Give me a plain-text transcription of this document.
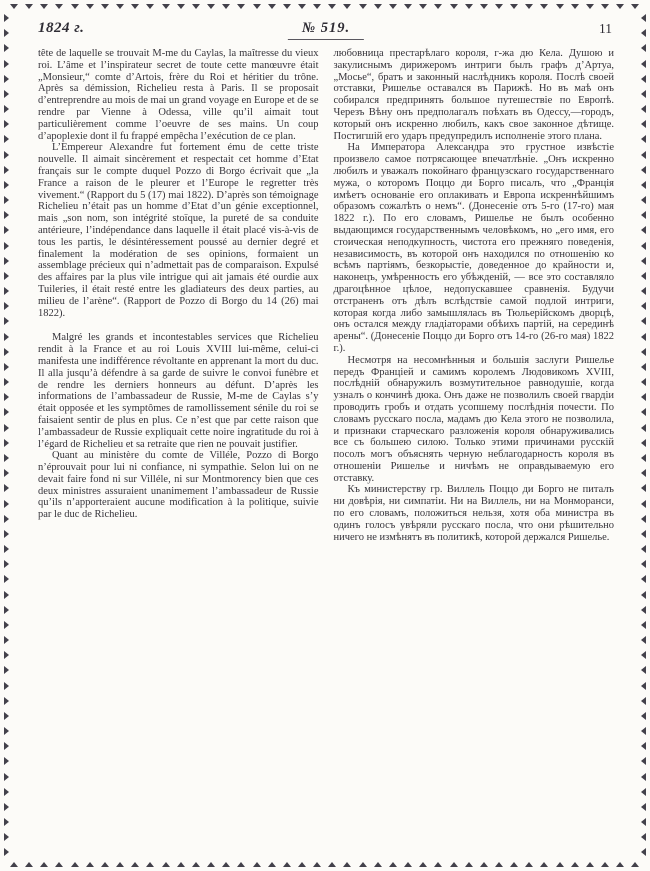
1824 г.	№ 519.	11

tête de laquelle se trouvait M-me du Caylas, la maîtresse du vieux roi. L’âme et l’inspirateur secret de toute cette manœuvre était „Monsieur,“ comte d’Artois, frère du Roi et héritier du trône. Après sa démission, Richelieu resta à Paris. Il se proposait d’entreprendre au mois de mai un grand voyage en Europe et de se rendre par Vienne à Odessa, ville qu’il aimait tout particulièrement comme l’oeuvre de ses mains. Un coup d’apoplexie dont il fu frappé empêcha l’exécution de ce plan.

L’Empereur Alexandre fut fortement ému de cette triste nouvelle. Il aimait sincèrement et respectait cet homme d’Etat français sur le compte duquel Pozzo di Borgo écrivait que „la France a raison de le pleurer et l’Europe le regretter très vivement.“ (Rapport du 5 (17) mai 1822). D’après son témoignage Richelieu n’était pas un homme d’Etat d’un génie exceptionnel, mais „son nom, son intégrité stoïque, la pureté de sa conduite antérieure, l’indépendance dans laquelle il était placé vis-à-vis de tous les partis, le désintéressement poussé au dernier degré et finalement la modération de ses opinions, formaient un assemblage précieux qui n’admettait pas de comparaison. Expulsé des affaires par la plus vile intrigue qui ait jamais été ourdie aux Tuileries, il était resté entre les gladiateurs des deux parties, au milieu de l’arène“. (Rapport de Pozzo di Borgo du 14 (26) mai 1822).

Malgré les grands et incontestables services que Richelieu rendit à la France et au roi Louis XVIII lui-même, celui-ci manifesta une indifférence révoltante en apprenant la mort du duc. Il alla jusqu’à défendre à sa garde de suivre le convoi funèbre et de rendre les derniers honneurs au défunt. D’après les informations de l’ambassadeur de Russie, M-me de Caylas s’y était opposée et les symptômes de ramollissement sénile du roi se faisaient sentir de plus en plus. Ce n’est que par cette raison que l’ambassadeur de Russie expliquait cette noire ingratitude du roi à l’égard de Richelieu et sa retraite que rien ne pouvait justifier.

Quant au ministère du comte de Villéle, Pozzo di Borgo n’éprouvait pour lui ni confiance, ni sympathie. Selon lui on ne devait faire fond ni sur Villéle, ni sur Montmorency bien que ces deux ministres assuraient unanimement l’ambassadeur de Russie qu’ils n’apporteraient aucune modification à la politique, suivie par le duc de Richelieu.

любовница престарѣлаго короля, г-жа дю Кела. Душою и закулиснымъ дирижеромъ интриги былъ графъ д’Артуа, „Мосье“, братъ и законный наслѣдникъ короля. Послѣ своей отставки, Ришелье оставался въ Парижѣ. Но въ маѣ онъ собирался предпринять большое путешествіе по Европѣ. Черезъ Вѣну онъ предполагалъ поѣхать въ Одессу,—городъ, который онъ искренно любилъ, какъ свое законное дѣтище. Постигшій его ударъ предупредилъ исполненіе этого плана.

На Императора Александра это грустное извѣстіе произвело самое потрясающее впечатлѣніе. „Онъ искренно любилъ и уважалъ покойнаго французскаго государственнаго мужа, о которомъ Поццо ди Борго писалъ, что „Франція имѣетъ основаніе его оплакивать и Европа искреннѣйшимъ образомъ сожалѣть о немъ“. (Донесеніе отъ 5-го (17-го) мая 1822 г.). По его словамъ, Ришелье не былъ особенно выдающимся государственнымъ человѣкомъ, но „его имя, его стоическая неподкупность, чистота его прежняго поведенія, независимость, въ которой онъ находился по отношенію ко всѣмъ партіямъ, безкорыстіе, доведенное до крайности и, наконецъ, умѣренность его убѣжденій, — все это составляло драгоцѣнное цѣлое, недопускавшее сравненія. Будучи отстраненъ отъ дѣлъ вслѣдствіе самой подлой интриги, которая когда либо замышлялась въ Тюльерійскомъ дворцѣ, онъ остался между гладіаторами обѣихъ партій, на серединѣ арены“. (Донесеніе Поццо ди Борго отъ 14-го (26-го мая) 1822 г.).

Несмотря на несомнѣнныя и большія заслуги Ришелье передъ Франціей и самимъ королемъ Людовикомъ XVIII, послѣдній обнаружилъ возмутительное равнодушіе, когда узналъ о кончинѣ дюка. Онъ даже не позволилъ своей гвардіи проводить гробъ и отдать усопшему послѣднія почести. По словамъ русскаго посла, мадамъ дю Кела этого не позволила, и признаки старческаго разложенія короля обнаруживались все съ большею силою. Только этими причинами русскій посолъ могъ объяснять черную неблагодарность короля въ отношеніи Ришелье и ничѣмъ не оправдываемую его отставку.

Къ министерству гр. Виллель Поццо ди Борго не питалъ ни довѣрія, ни симпатіи. Ни на Виллель, ни на Монморанси, по его словамъ, положиться нельзя, хотя оба министра въ одинъ голосъ увѣряли русскаго посла, что они рѣшительно ничего не измѣнятъ въ политикѣ, которой держался Ришелье.
